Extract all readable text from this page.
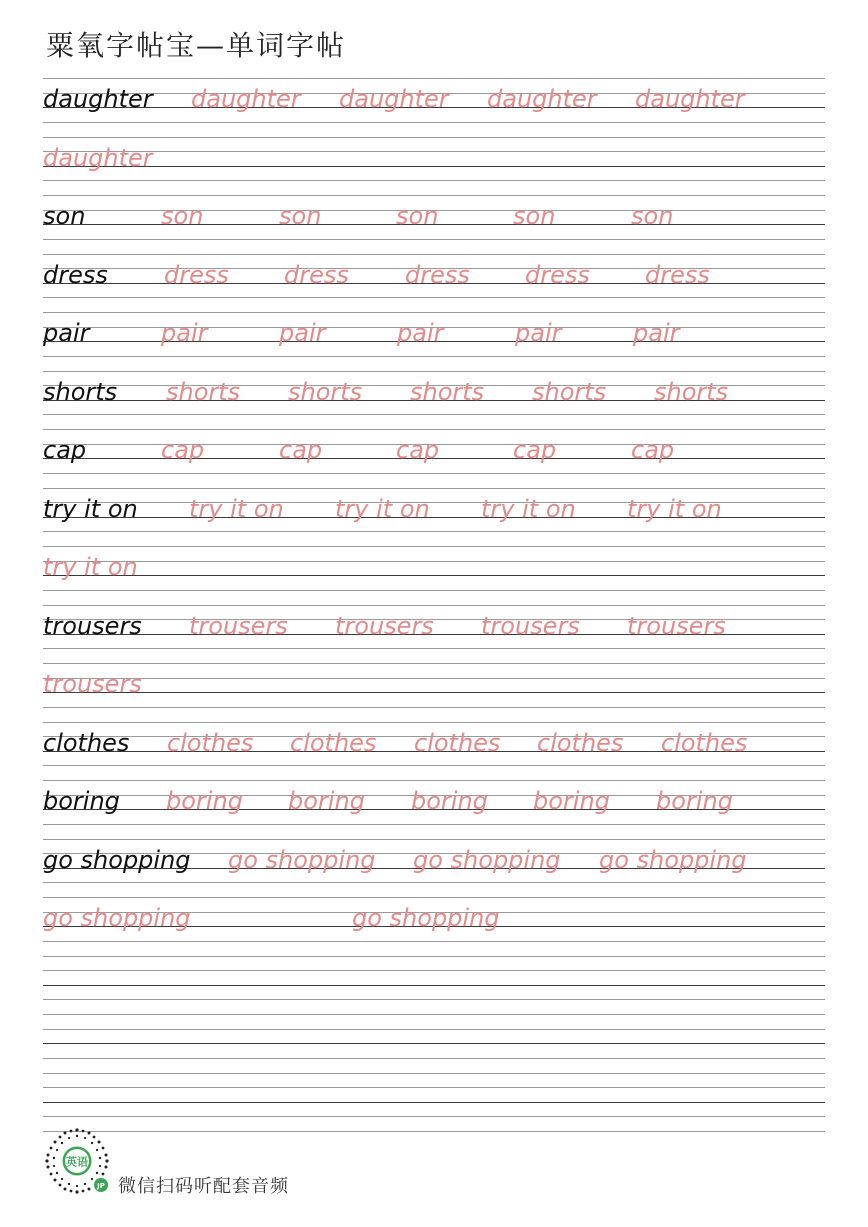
粟氧字帖宝—单词字帖
daughter daughter daughter daughter daughter
daughter
son	son	son	son	son	son
dress dress dress dress dress dress
pair	pair	pair	pair	pair	pair
shorts shorts shorts shorts shorts shorts
cap	cap	cap	cap	cap	cap
try it on try it on try it on try it on try it on
try it on
trousers trousers trousers trousers trousers
trousers
clothes clothes clothes clothes clothes clothes
boring boring boring boring boring boring
go shopping go shopping go shopping go shopping
go shopping	go shopping
英语
JP 微信扫码听配套音频
